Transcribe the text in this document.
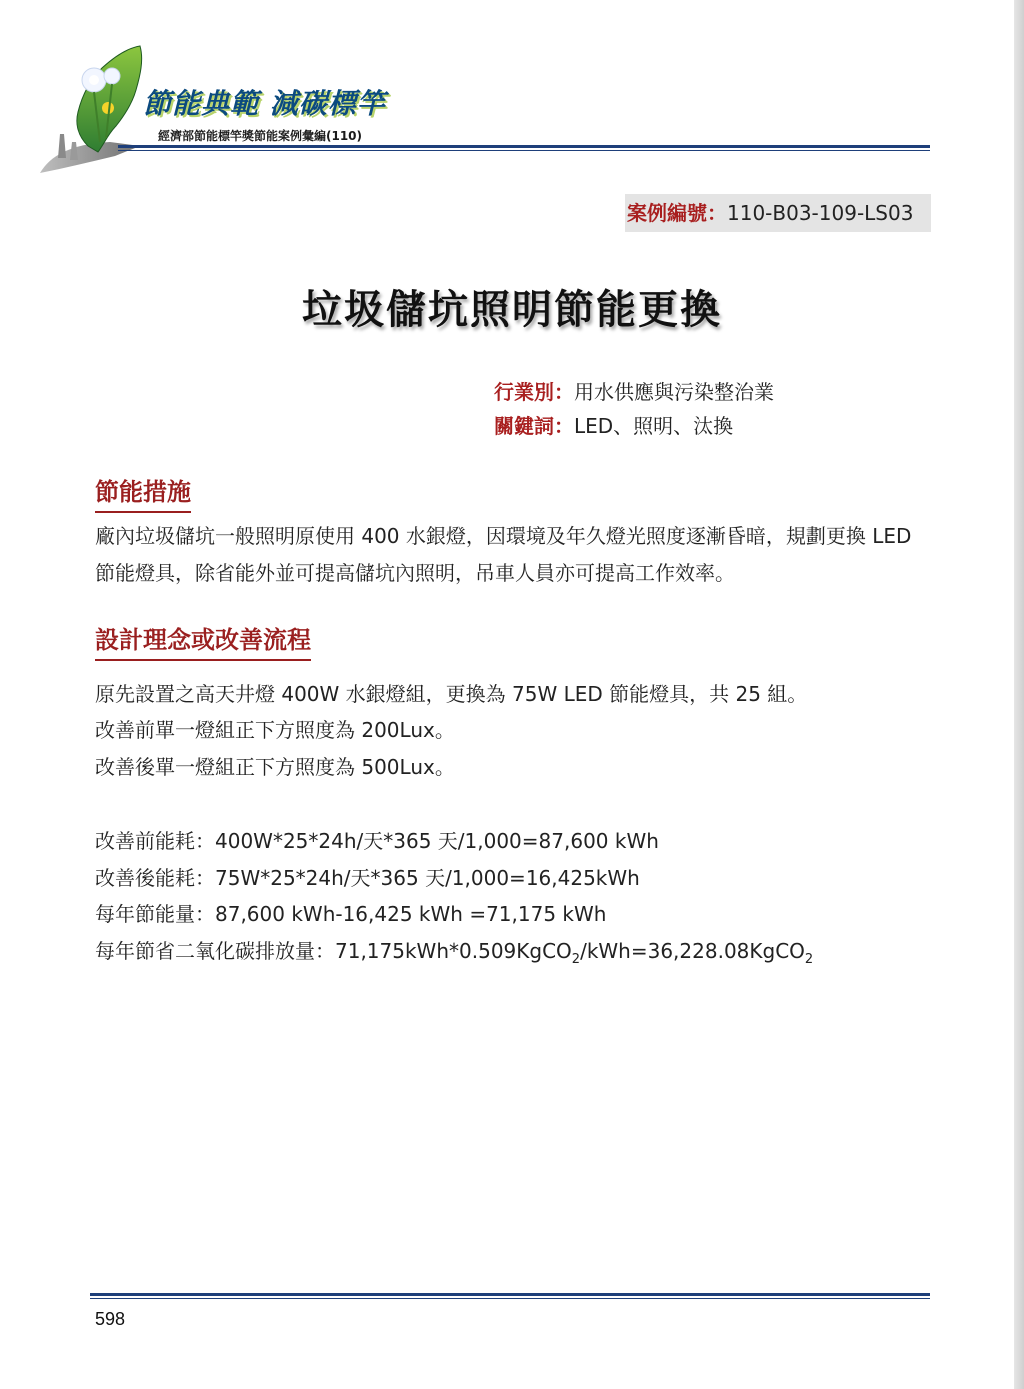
節能典範 減碳標竿
經濟部節能標竿獎節能案例彙編(110)
案例編號：110-B03-109-LS03
垃圾儲坑照明節能更換
行業別：用水供應與污染整治業
關鍵詞：LED、照明、汰換
節能措施
廠內垃圾儲坑一般照明原使用 400 水銀燈，因環境及年久燈光照度逐漸昏暗，規劃更換 LED 節能燈具，除省能外並可提高儲坑內照明，吊車人員亦可提高工作效率。
設計理念或改善流程
原先設置之高天井燈 400W 水銀燈組，更換為 75W LED 節能燈具，共 25 組。
改善前單一燈組正下方照度為 200Lux。
改善後單一燈組正下方照度為 500Lux。
改善前能耗：400W*25*24h/天*365 天/1,000=87,600 kWh
改善後能耗：75W*25*24h/天*365 天/1,000=16,425kWh
每年節能量：87,600 kWh-16,425 kWh =71,175 kWh
每年節省二氧化碳排放量：71,175kWh*0.509KgCO$_2$/kWh=36,228.08KgCO$_2$
598
